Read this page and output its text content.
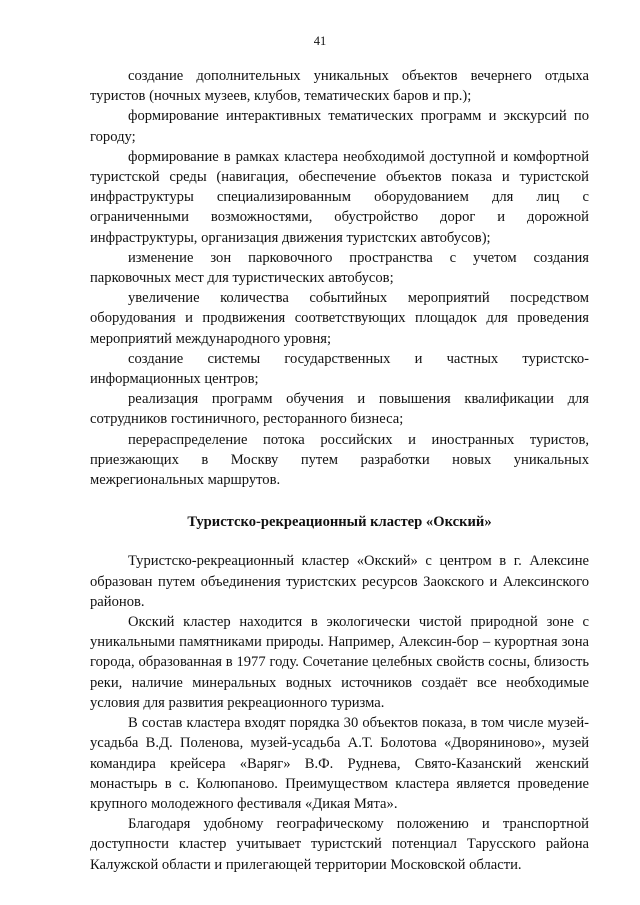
41

создание дополнительных уникальных объектов вечернего отдыха туристов (ночных музеев, клубов, тематических баров и пр.);

формирование интерактивных тематических программ и экскурсий по городу;

формирование в рамках кластера необходимой доступной и комфортной туристской среды (навигация, обеспечение объектов показа и туристской инфраструктуры специализированным оборудованием для лиц с ограниченными возможностями, обустройство дорог и дорожной инфраструктуры, организация движения туристских автобусов);

изменение зон парковочного пространства с учетом создания парковочных мест для туристических автобусов;

увеличение количества событийных мероприятий посредством оборудования и продвижения соответствующих площадок для проведения мероприятий международного уровня;

создание системы государственных и частных туристско-информационных центров;

реализация программ обучения и повышения квалификации для сотрудников гостиничного, ресторанного бизнеса;

перераспределение потока российских и иностранных туристов, приезжающих в Москву путем разработки новых уникальных межрегиональных маршрутов.

Туристско-рекреационный кластер «Окский»

Туристско-рекреационный кластер «Окский» с центром в г. Алексине образован путем объединения туристских ресурсов Заокского и Алексинского районов.

Окский кластер находится в экологически чистой природной зоне с уникальными памятниками природы. Например, Алексин-бор – курортная зона города, образованная в 1977 году. Сочетание целебных свойств сосны, близость реки, наличие минеральных водных источников создаёт все необходимые условия для развития рекреационного туризма.

В состав кластера входят порядка 30 объектов показа, в том числе музей-усадьба В.Д. Поленова, музей-усадьба А.Т. Болотова «Дворяниново», музей командира крейсера «Варяг» В.Ф. Руднева, Свято-Казанский женский монастырь в с. Колюпаново. Преимуществом кластера является проведение крупного молодежного фестиваля «Дикая Мята».

Благодаря удобному географическому положению и транспортной доступности кластер учитывает туристский потенциал Тарусского района Калужской области и прилегающей территории Московской области.
